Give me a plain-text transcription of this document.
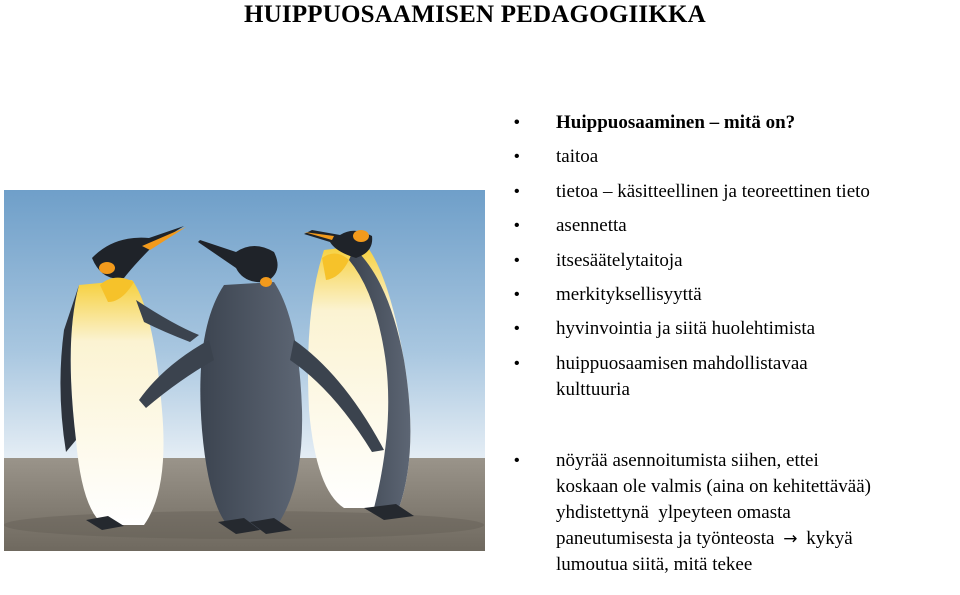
HUIPPUOSAAMISEN PEDAGOGIIKKA
• Huippuosaaminen – mitä on?
• taitoa
• tietoa – käsitteellinen ja teoreettinen tieto
• asennetta
• itsesäätelytaitoja
• merkityksellisyyttä
• hyvinvointia ja siitä huolehtimista
• huippuosaamisen mahdollistavaa
kulttuuria
• nöyrää asennoitumista siihen, ettei
koskaan ole valmis (aina on kehitettävää)
yhdistettynä  ylpeyteen omasta
paneutumisesta ja työnteosta → kykyä
lumoutua siitä, mitä tekee
